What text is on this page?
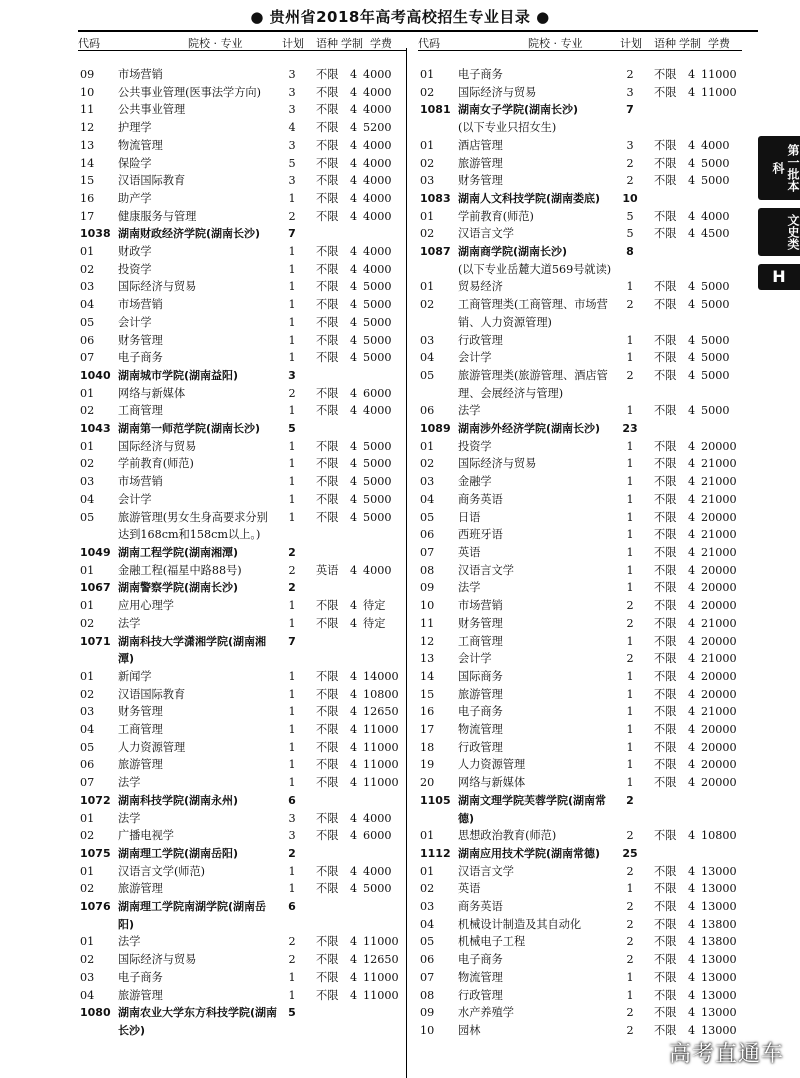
● 贵州省2018年高考高校招生专业目录 ●
代码	院校 · 专业	计划 语种 学制 学费 代码	院校 · 专业	计划 语种 学制 学费
09 市场营销	3	不限 4 4000
10 公共事业管理(医事法学方向)	3	不限 4 4000
11 公共事业管理	3	不限 4 4000
12 护理学	4	不限 4 5200
13 物流管理	3	不限 4 4000
14 保险学	5	不限 4 4000
15 汉语国际教育	3	不限 4 4000
16 助产学	1	不限 4 4000
17 健康服务与管理	2	不限 4 4000
1038 湖南财政经济学院(湖南长沙)	7
01 财政学	1	不限 4 4000
02 投资学	1	不限 4 4000
03 国际经济与贸易	1	不限 4 5000
04 市场营销	1	不限 4 5000
05 会计学	1	不限 4 5000
06 财务管理	1	不限 4 5000
07 电子商务	1	不限 4 5000
1040 湖南城市学院(湖南益阳)	3
01 网络与新媒体	2	不限 4 6000
02 工商管理	1	不限 4 4000
1043 湖南第一师范学院(湖南长沙)	5
01 国际经济与贸易	1	不限 4 5000
02 学前教育(师范)	1	不限 4 5000
03 市场营销	1	不限 4 5000
04 会计学	1	不限 4 5000
05 旅游管理(男女生身高要求分别达到168cm和158cm以上。)
1	不限 4 5000
1049 湖南工程学院(湖南湘潭)	2
01 金融工程(福星中路88号)	2	英语 4 4000
1067 湖南警察学院(湖南长沙)	2
01 应用心理学	1	不限 4 待定
02 法学	1	不限 4 待定
1071 湖南科技大学潇湘学院(湖南湘潭)
7
01 新闻学	1	不限 4 14000
02 汉语国际教育	1	不限 4 10800
03 财务管理	1	不限 4 12650
04 工商管理	1	不限 4 11000
05 人力资源管理	1	不限 4 11000
06 旅游管理	1	不限 4 11000
07 法学	1	不限 4 11000
1072 湖南科技学院(湖南永州)	6
01 法学	3	不限 4 4000
02 广播电视学	3	不限 4 6000
1075 湖南理工学院(湖南岳阳)	2
01 汉语言文学(师范)	1	不限 4 4000
02 旅游管理	1	不限 4 5000
1076 湖南理工学院南湖学院(湖南岳阳)
6
01 法学	2	不限 4 11000
02 国际经济与贸易	2	不限 4 12650
03 电子商务	1	不限 4 11000
04 旅游管理	1	不限 4 11000
1080 湖南农业大学东方科技学院(湖南长沙)
5
01 电子商务	2	不限 4 11000
02 国际经济与贸易	3	不限 4 11000
1081 湖南女子学院(湖南长沙)	7
(以下专业只招女生)
01 酒店管理	3	不限 4 4000
02 旅游管理	2	不限 4 5000
03 财务管理	2	不限 4 5000
1083 湖南人文科技学院(湖南娄底)	10
01 学前教育(师范)	5	不限 4 4000
02 汉语言文学	5	不限 4 4500
1087 湖南商学院(湖南长沙)	8
(以下专业岳麓大道569号就读)
01 贸易经济	1	不限 4 5000
02 工商管理类(工商管理、市场营销、人力资源管理)
2	不限 4 5000
03 行政管理	1	不限 4 5000
04 会计学	1	不限 4 5000
05 旅游管理类(旅游管理、酒店管理、会展经济与管理)
2	不限 4 5000
06 法学	1	不限 4 5000
1089 湖南涉外经济学院(湖南长沙)	23
01 投资学	1	不限 4 20000
02 国际经济与贸易	1	不限 4 21000
03 金融学	1	不限 4 21000
04 商务英语	1	不限 4 21000
05 日语	1	不限 4 20000
06 西班牙语	1	不限 4 21000
07 英语	1	不限 4 21000
08 汉语言文学	1	不限 4 20000
09 法学	1	不限 4 20000
10 市场营销	2	不限 4 20000
11 财务管理	2	不限 4 21000
12 工商管理	1	不限 4 20000
13 会计学	2	不限 4 21000
14 国际商务	1	不限 4 20000
15 旅游管理	1	不限 4 20000
16 电子商务	1	不限 4 21000
17 物流管理	1	不限 4 20000
18 行政管理	1	不限 4 20000
19 人力资源管理	1	不限 4 20000
20 网络与新媒体	1	不限 4 20000
1105 湖南文理学院芙蓉学院(湖南常德)
2
01 思想政治教育(师范)	2	不限 4 10800
1112 湖南应用技术学院(湖南常德)	25
01 汉语言文学	2	不限 4 13000
02 英语	1	不限 4 13000
03 商务英语	2	不限 4 13000
04 机械设计制造及其自动化	2	不限 4 13800
05 机械电子工程	2	不限 4 13800
06 电子商务	2	不限 4 13000
07 物流管理	1	不限 4 13000
08 行政管理	1	不限 4 13000
09 水产养殖学	2	不限 4 13000
10 园林	2	不限 4 13000
第一批本科
文史类
H
高考直通车
